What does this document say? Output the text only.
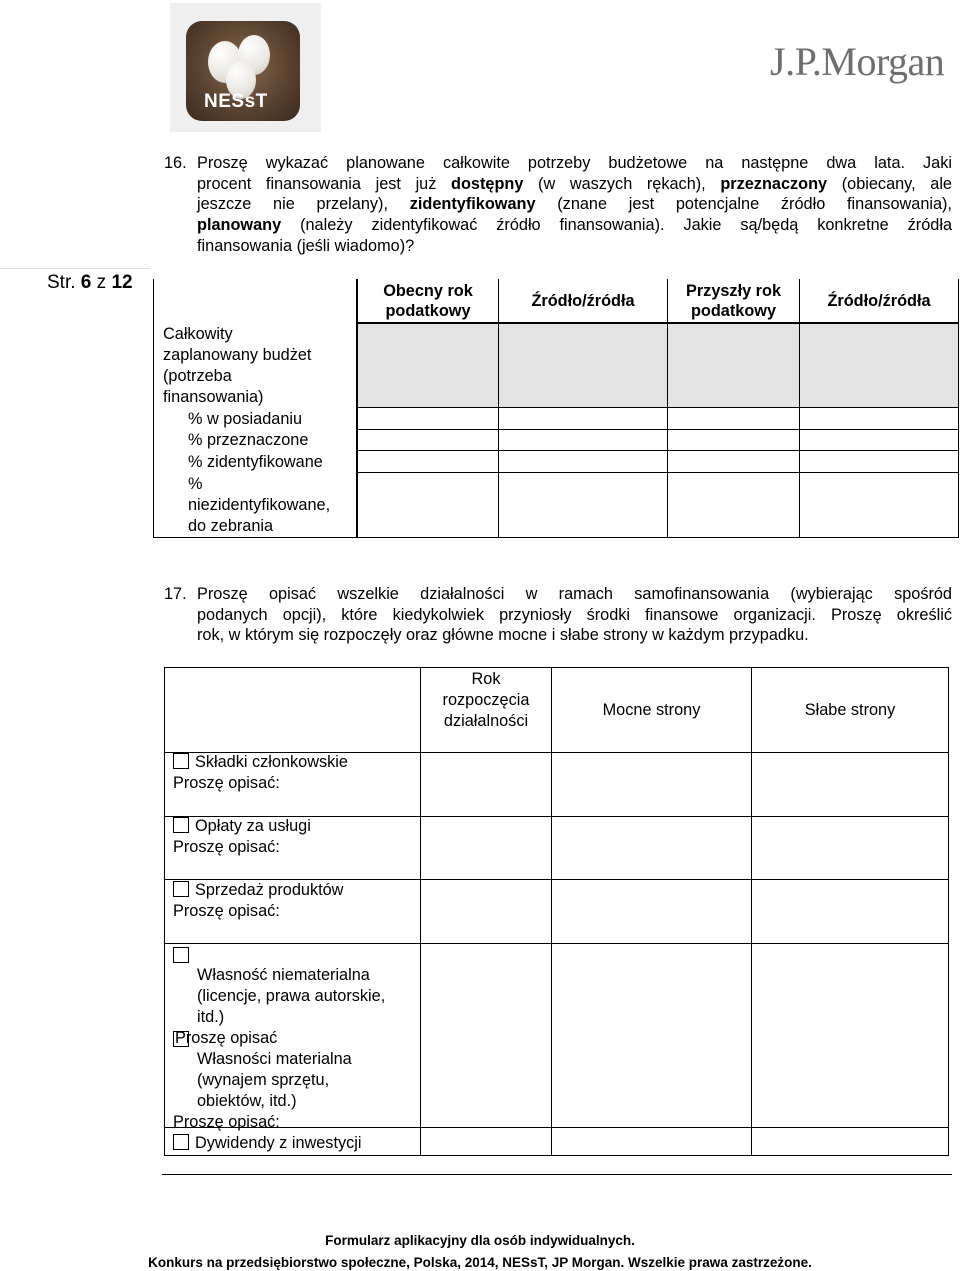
NESsT
J.P.Morgan
Str. 6 z 12
16. Proszę wykazać planowane całkowite potrzeby budżetowe na następne dwa lata. Jaki
procent finansowania jest już dostępny (w waszych rękach), przeznaczony (obiecany, ale
jeszcze nie przelany), zidentyfikowany (znane jest potencjalne źródło finansowania),
planowany (należy zidentyfikować źródło finansowania). Jakie są/będą konkretne źródła
finansowania (jeśli wiadomo)?
Obecny rok
podatkowy
Źródło/źródła
Przyszły rok
podatkowy
Źródło/źródła
Całkowity
zaplanowany budżet
(potrzeba
finansowania)
% w posiadaniu
% przeznaczone
% zidentyfikowane
%
niezidentyfikowane,
do zebrania
17. Proszę opisać wszelkie działalności w ramach samofinansowania (wybierając spośród
podanych opcji), które kiedykolwiek przyniosły środki finansowe organizacji. Proszę określić
rok, w którym się rozpoczęły oraz główne mocne i słabe strony w każdym przypadku.
Rok
rozpoczęcia
działalności
Mocne strony	Słabe strony
Składki członkowskie
Proszę opisać:
Opłaty za usługi
Proszę opisać:
Sprzedaż produktów
Proszę opisać:

Własność niematerialna
(licencje, prawa autorskie,
itd.)

Proszę opisać

Własności materialna
(wynajem sprzętu,
obiektów, itd.)

Proszę opisać:
Dywidendy z inwestycji
Formularz aplikacyjny dla osób indywidualnych.
Konkurs na przedsiębiorstwo społeczne, Polska, 2014, NESsT, JP Morgan. Wszelkie prawa zastrzeżone.
